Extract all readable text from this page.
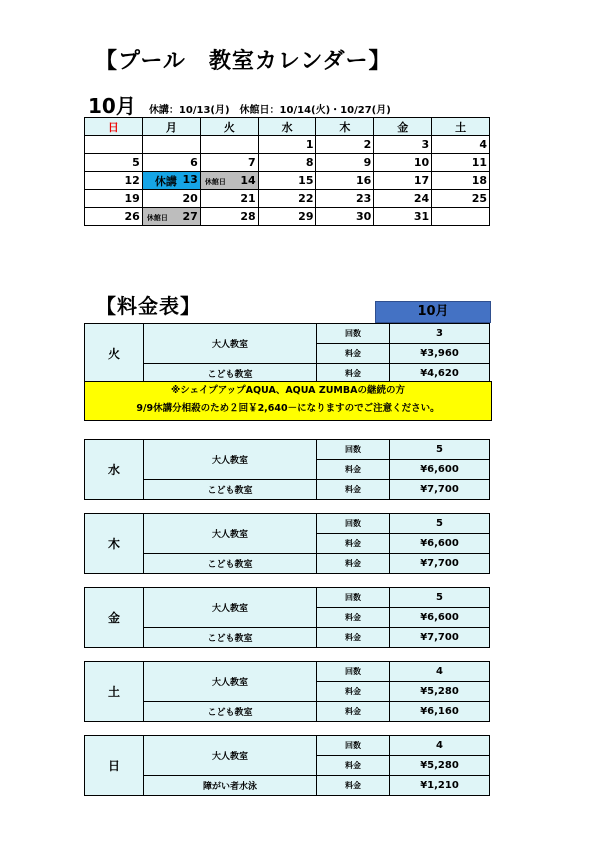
【プール　教室カレンダー】
10月 休講：10/13(月)　休館日：10/14(火)・10/27(月)
日	月	火	水	木	金	土
			1	2	3	4
5	6	7	8	9	10	11
12	休講 13	休館日 14	15	16	17	18
19	20	21	22	23	24	25
26	休館日 27	28	29	30	31	
【料金表】	10月
火	大人教室	回数	3
		料金	¥3,960
	こども教室	料金	¥4,620
※シェイプアップAQUA、AQUA ZUMBAの継続の方
9/9休講分相殺のため２回￥2,640－になりますのでご注意ください。
水	大人教室	回数	5
		料金	¥6,600
	こども教室	料金	¥7,700
木	大人教室	回数	5
		料金	¥6,600
	こども教室	料金	¥7,700
金	大人教室	回数	5
		料金	¥6,600
	こども教室	料金	¥7,700
土	大人教室	回数	4
		料金	¥5,280
	こども教室	料金	¥6,160
日	大人教室	回数	4
		料金	¥5,280
	障がい者水泳	料金	¥1,210
